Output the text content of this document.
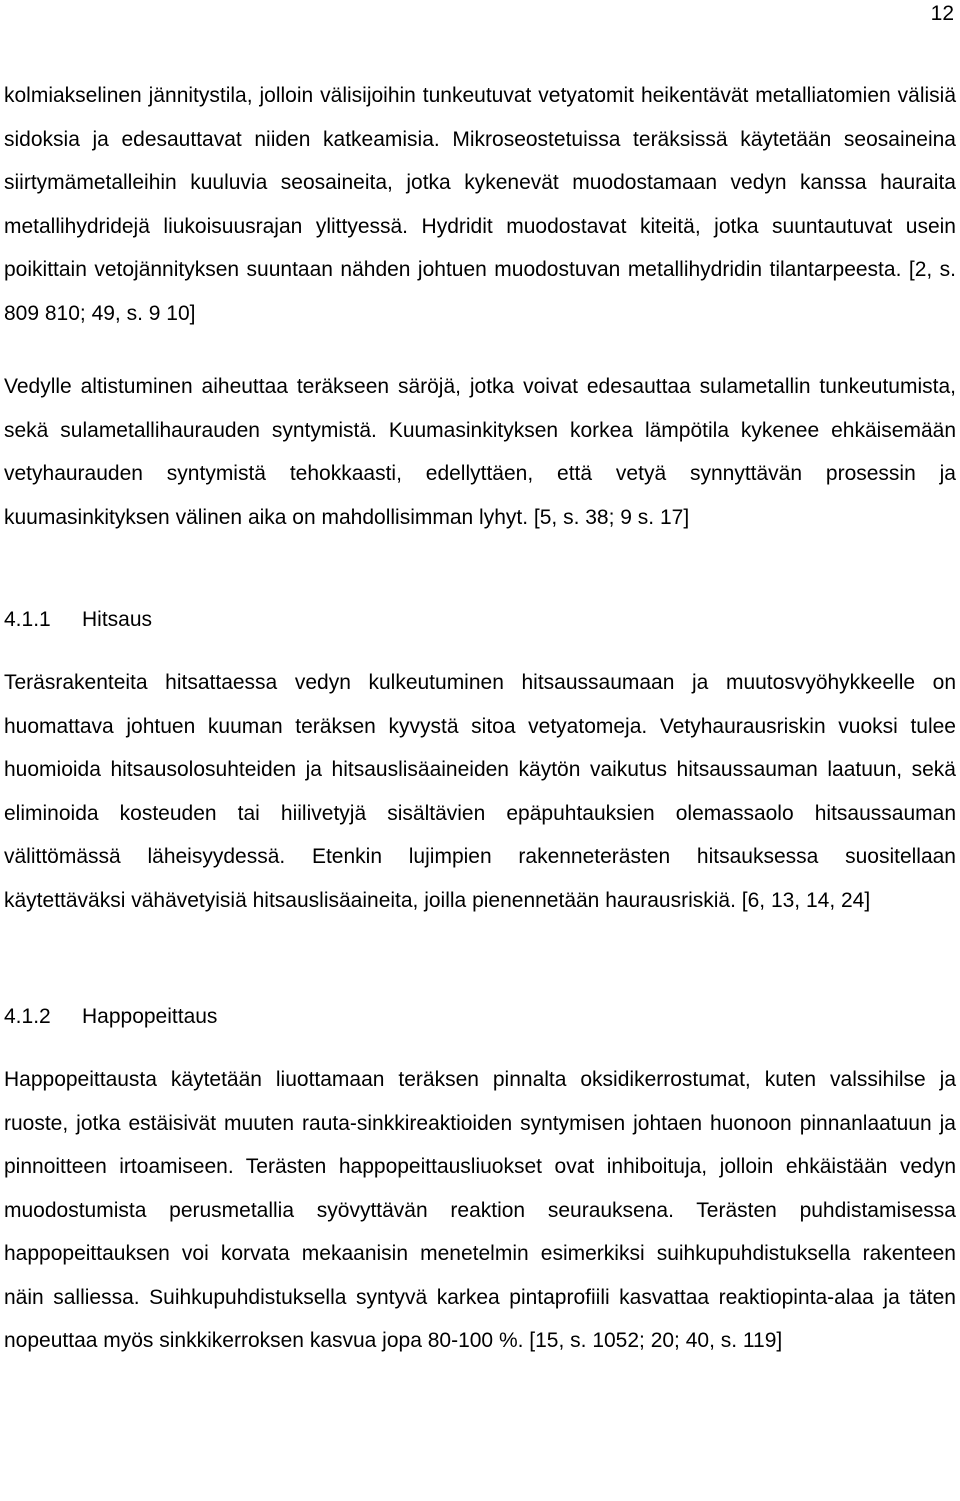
12

kolmiakselinen jännitystila, jolloin välisijoihin tunkeutuvat vetyatomit heikentävät metalliatomien välisiä sidoksia ja edesauttavat niiden katkeamisia. Mikroseostetuissa teräksissä käytetään seosaineina siirtymämetalleihin kuuluvia seosaineita, jotka kykenevät muodostamaan vedyn kanssa hauraita metallihydridejä liukoisuusrajan ylittyessä. Hydridit muodostavat kiteitä, jotka suuntautuvat usein poikittain vetojännityksen suuntaan nähden johtuen muodostuvan metallihydridin tilantarpeesta. [2, s. 809 810; 49, s. 9 10]

Vedylle altistuminen aiheuttaa teräkseen säröjä, jotka voivat edesauttaa sulametallin tunkeutumista, sekä sulametallihaurauden syntymistä. Kuumasinkityksen korkea lämpötila kykenee ehkäisemään vetyhaurauden syntymistä tehokkaasti, edellyttäen, että vetyä synnyttävän prosessin ja kuumasinkityksen välinen aika on mahdollisimman lyhyt. [5, s. 38; 9 s. 17]

4.1.1 Hitsaus

Teräsrakenteita hitsattaessa vedyn kulkeutuminen hitsaussaumaan ja muutosvyöhykkeelle on huomattava johtuen kuuman teräksen kyvystä sitoa vetyatomeja. Vetyhaurausriskin vuoksi tulee huomioida hitsausolosuhteiden ja hitsauslisäaineiden käytön vaikutus hitsaussauman laatuun, sekä eliminoida kosteuden tai hiilivetyjä sisältävien epäpuhtauksien olemassaolo hitsaussauman välittömässä läheisyydessä. Etenkin lujimpien rakenneterästen hitsauksessa suositellaan käytettäväksi vähävetyisiä hitsauslisäaineita, joilla pienennetään haurausriskiä. [6, 13, 14, 24]

4.1.2 Happopeittaus

Happopeittausta käytetään liuottamaan teräksen pinnalta oksidikerrostumat, kuten valssihilse ja ruoste, jotka estäisivät muuten rauta-sinkkireaktioiden syntymisen johtaen huonoon pinnanlaatuun ja pinnoitteen irtoamiseen. Terästen happopeittausliuokset ovat inhiboituja, jolloin ehkäistään vedyn muodostumista perusmetallia syövyttävän reaktion seurauksena. Terästen puhdistamisessa happopeittauksen voi korvata mekaanisin menetelmin esimerkiksi suihkupuhdistuksella rakenteen näin salliessa. Suihkupuhdistuksella syntyvä karkea pintaprofiili kasvattaa reaktiopinta-alaa ja täten nopeuttaa myös sinkkikerroksen kasvua jopa 80-100 %. [15, s. 1052; 20; 40, s. 119]
